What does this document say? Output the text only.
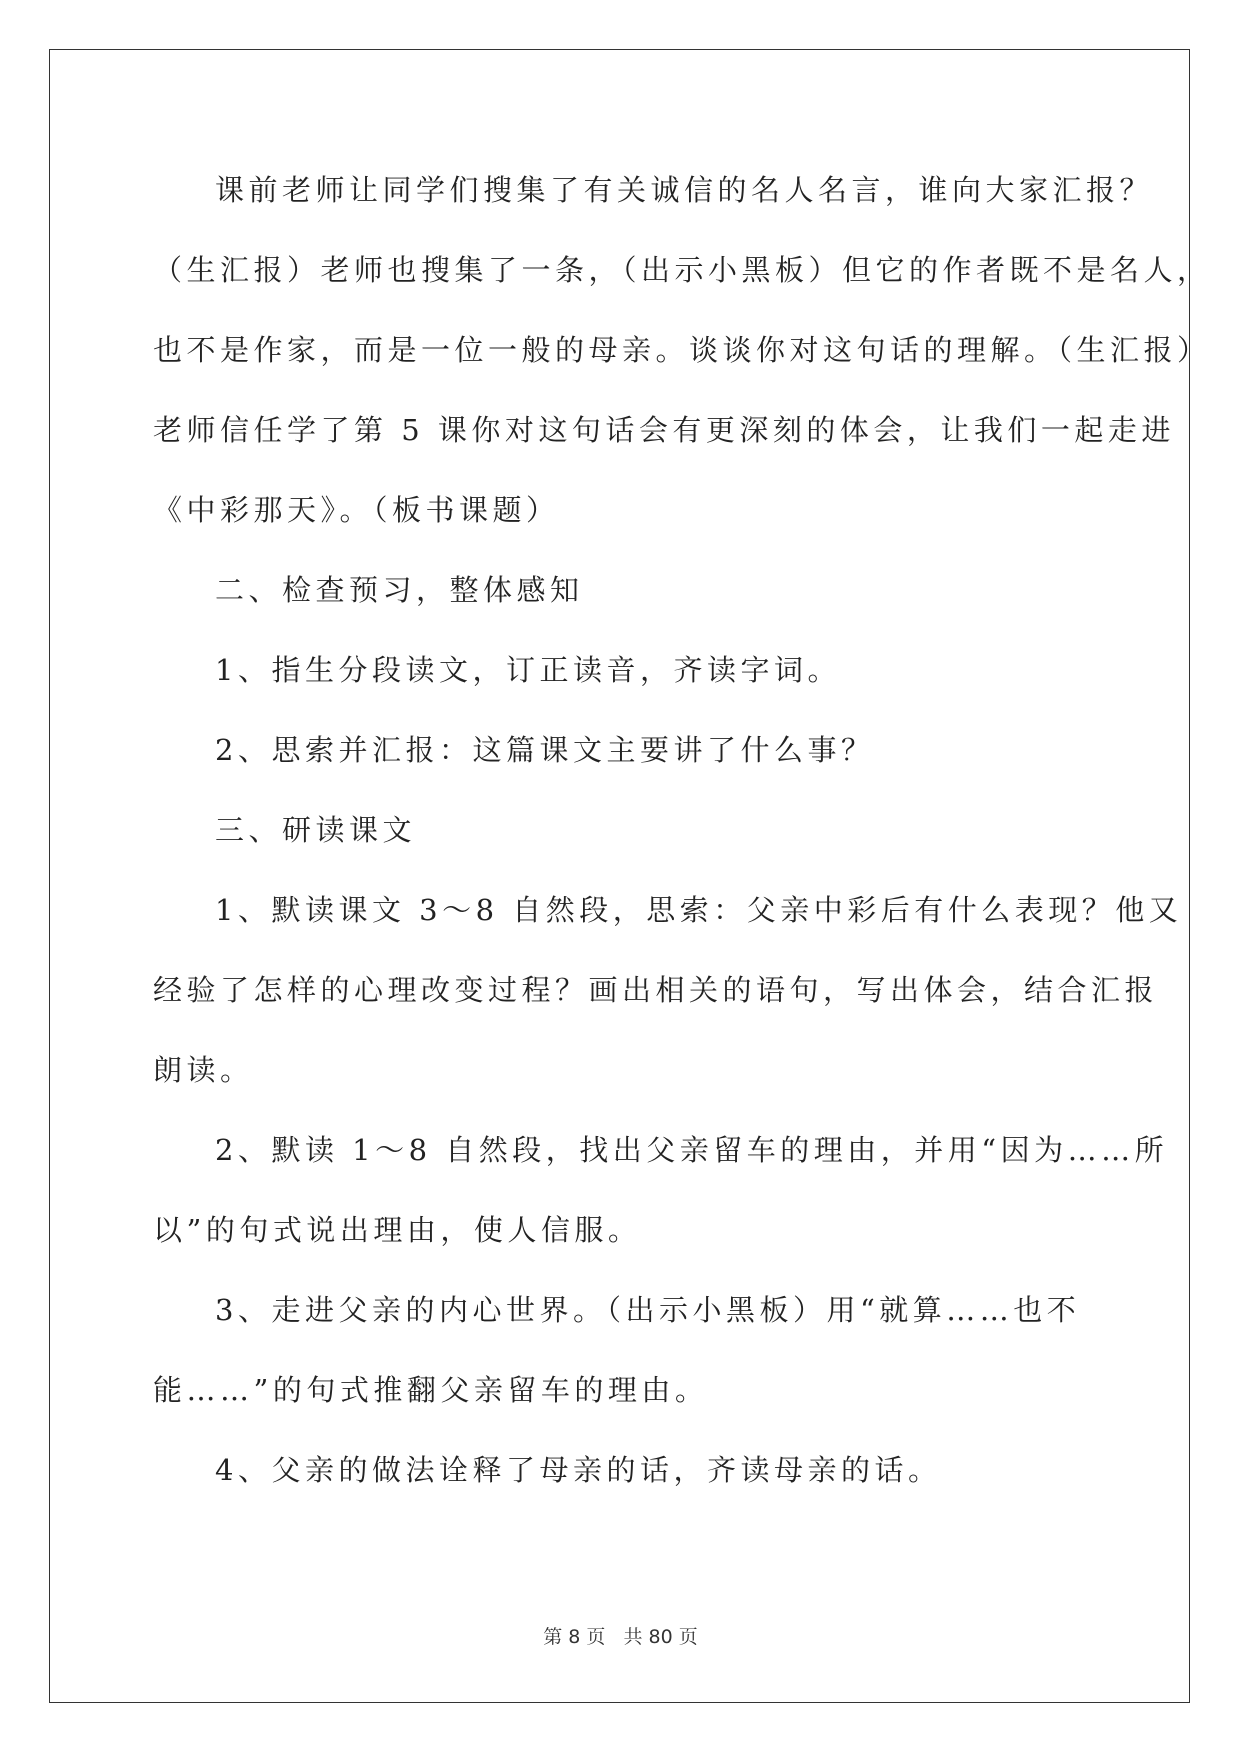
课前老师让同学们搜集了有关诚信的名人名言，谁向大家汇报？
（生汇报）老师也搜集了一条，（出示小黑板）但它的作者既不是名人，
也不是作家，而是一位一般的母亲。谈谈你对这句话的理解。（生汇报）
老师信任学了第 5 课你对这句话会有更深刻的体会，让我们一起走进
《中彩那天》。（板书课题）
二、检查预习，整体感知
1、指生分段读文，订正读音，齐读字词。
2、思索并汇报：这篇课文主要讲了什么事？
三、研读课文
1、默读课文 3～8 自然段，思索：父亲中彩后有什么表现？他又
经验了怎样的心理改变过程？画出相关的语句，写出体会，结合汇报
朗读。
2、默读 1～8 自然段，找出父亲留车的理由，并用“因为……所
以”的句式说出理由，使人信服。
3、走进父亲的内心世界。（出示小黑板）用“就算……也不
能……”的句式推翻父亲留车的理由。
4、父亲的做法诠释了母亲的话，齐读母亲的话。
第 8 页 共 80 页
